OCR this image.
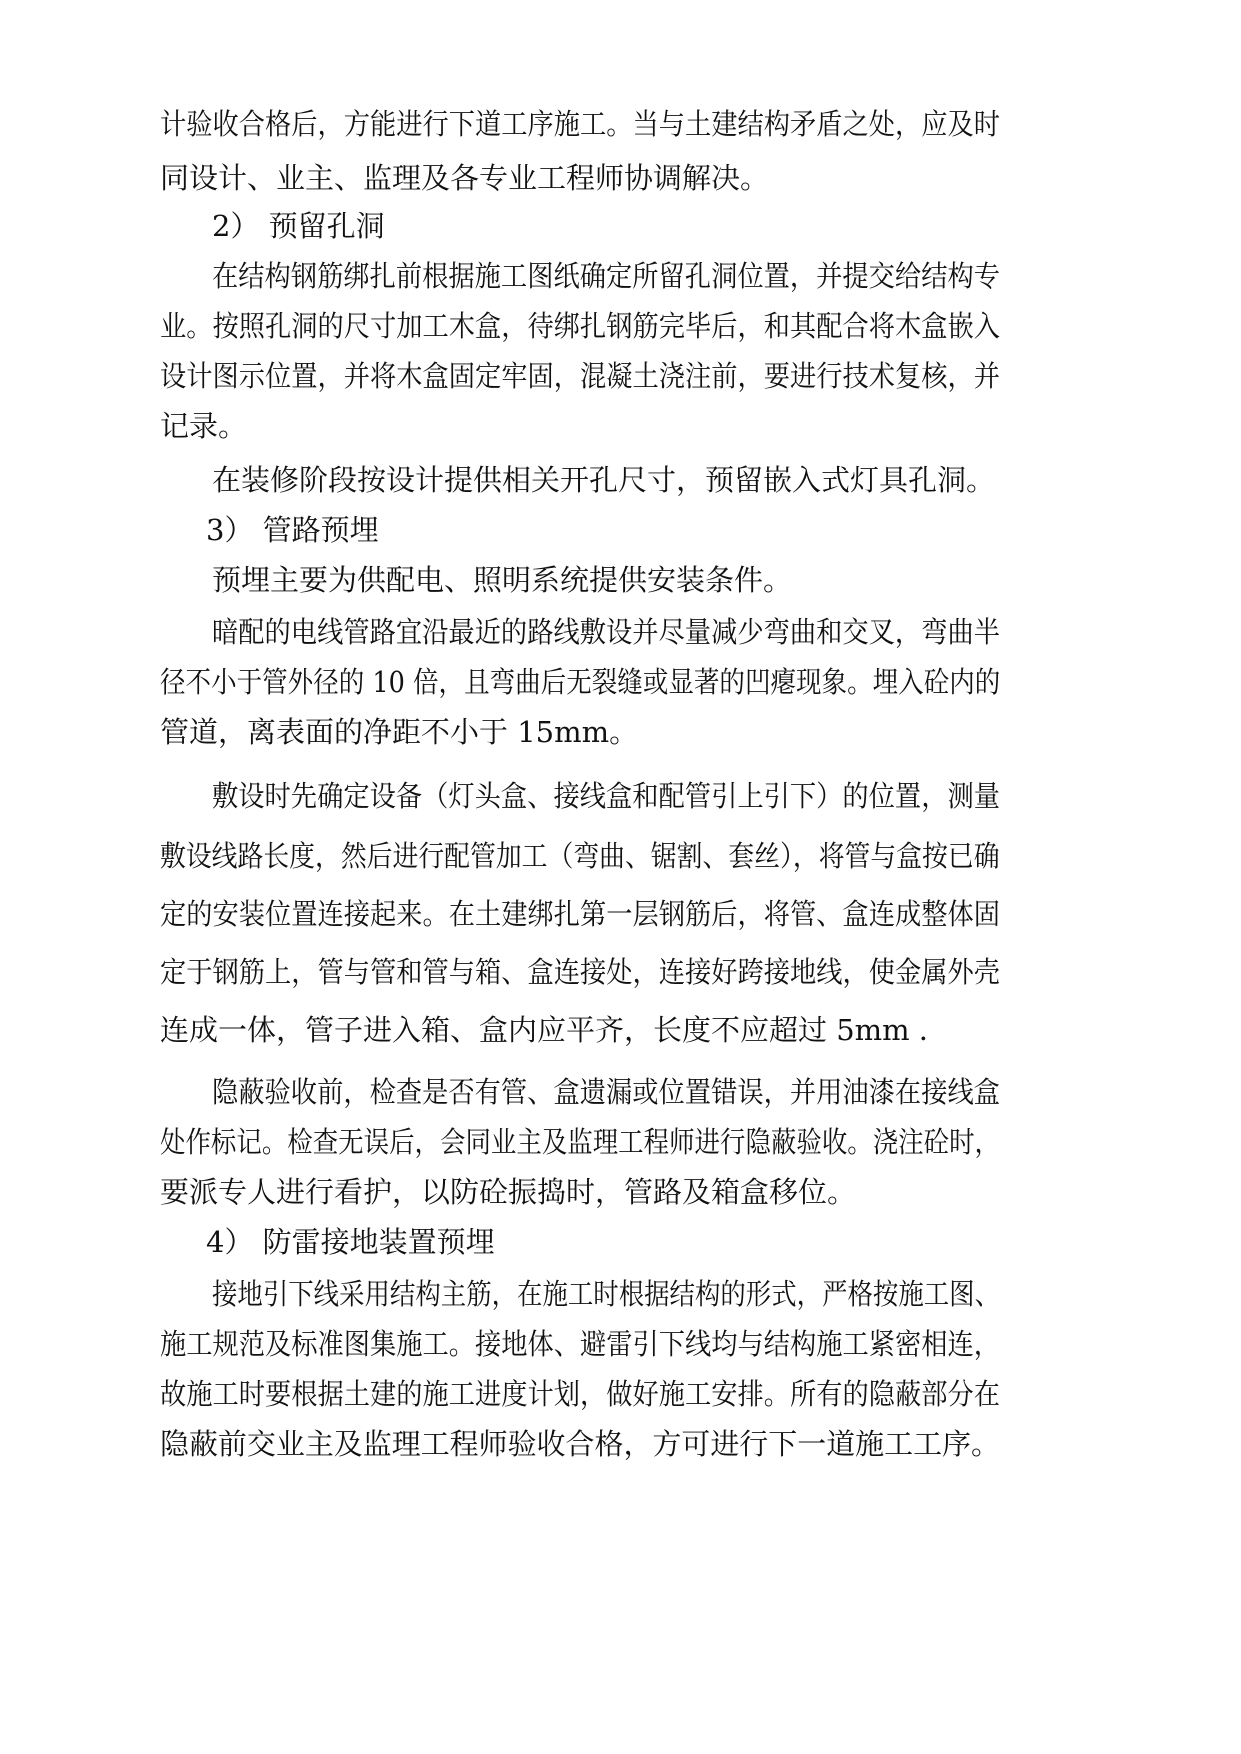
计验收合格后，方能进行下道工序施工。当与土建结构矛盾之处，应及时
同设计、业主、监理及各专业工程师协调解决。
2） 预留孔洞
在结构钢筋绑扎前根据施工图纸确定所留孔洞位置，并提交给结构专
业。按照孔洞的尺寸加工木盒，待绑扎钢筋完毕后，和其配合将木盒嵌入
设计图示位置，并将木盒固定牢固，混凝土浇注前，要进行技术复核，并
记录。
在装修阶段按设计提供相关开孔尺寸，预留嵌入式灯具孔洞。
3） 管路预埋
预埋主要为供配电、照明系统提供安装条件。
暗配的电线管路宜沿最近的路线敷设并尽量减少弯曲和交叉，弯曲半
径不小于管外径的 10 倍，且弯曲后无裂缝或显著的凹瘪现象。埋入砼内的
管道，离表面的净距不小于 15mm。
敷设时先确定设备（灯头盒、接线盒和配管引上引下）的位置，测量
敷设线路长度，然后进行配管加工（弯曲、锯割、套丝），将管与盒按已确
定的安装位置连接起来。在土建绑扎第一层钢筋后，将管、盒连成整体固
定于钢筋上，管与管和管与箱、盒连接处，连接好跨接地线，使金属外壳
连成一体，管子进入箱、盒内应平齐，长度不应超过 5mm ．
隐蔽验收前，检查是否有管、盒遗漏或位置错误，并用油漆在接线盒
处作标记。检查无误后，会同业主及监理工程师进行隐蔽验收。浇注砼时，
要派专人进行看护，以防砼振捣时，管路及箱盒移位。
4） 防雷接地装置预埋
接地引下线采用结构主筋，在施工时根据结构的形式，严格按施工图、
施工规范及标准图集施工。接地体、避雷引下线均与结构施工紧密相连，
故施工时要根据土建的施工进度计划，做好施工安排。所有的隐蔽部分在
隐蔽前交业主及监理工程师验收合格，方可进行下一道施工工序。
